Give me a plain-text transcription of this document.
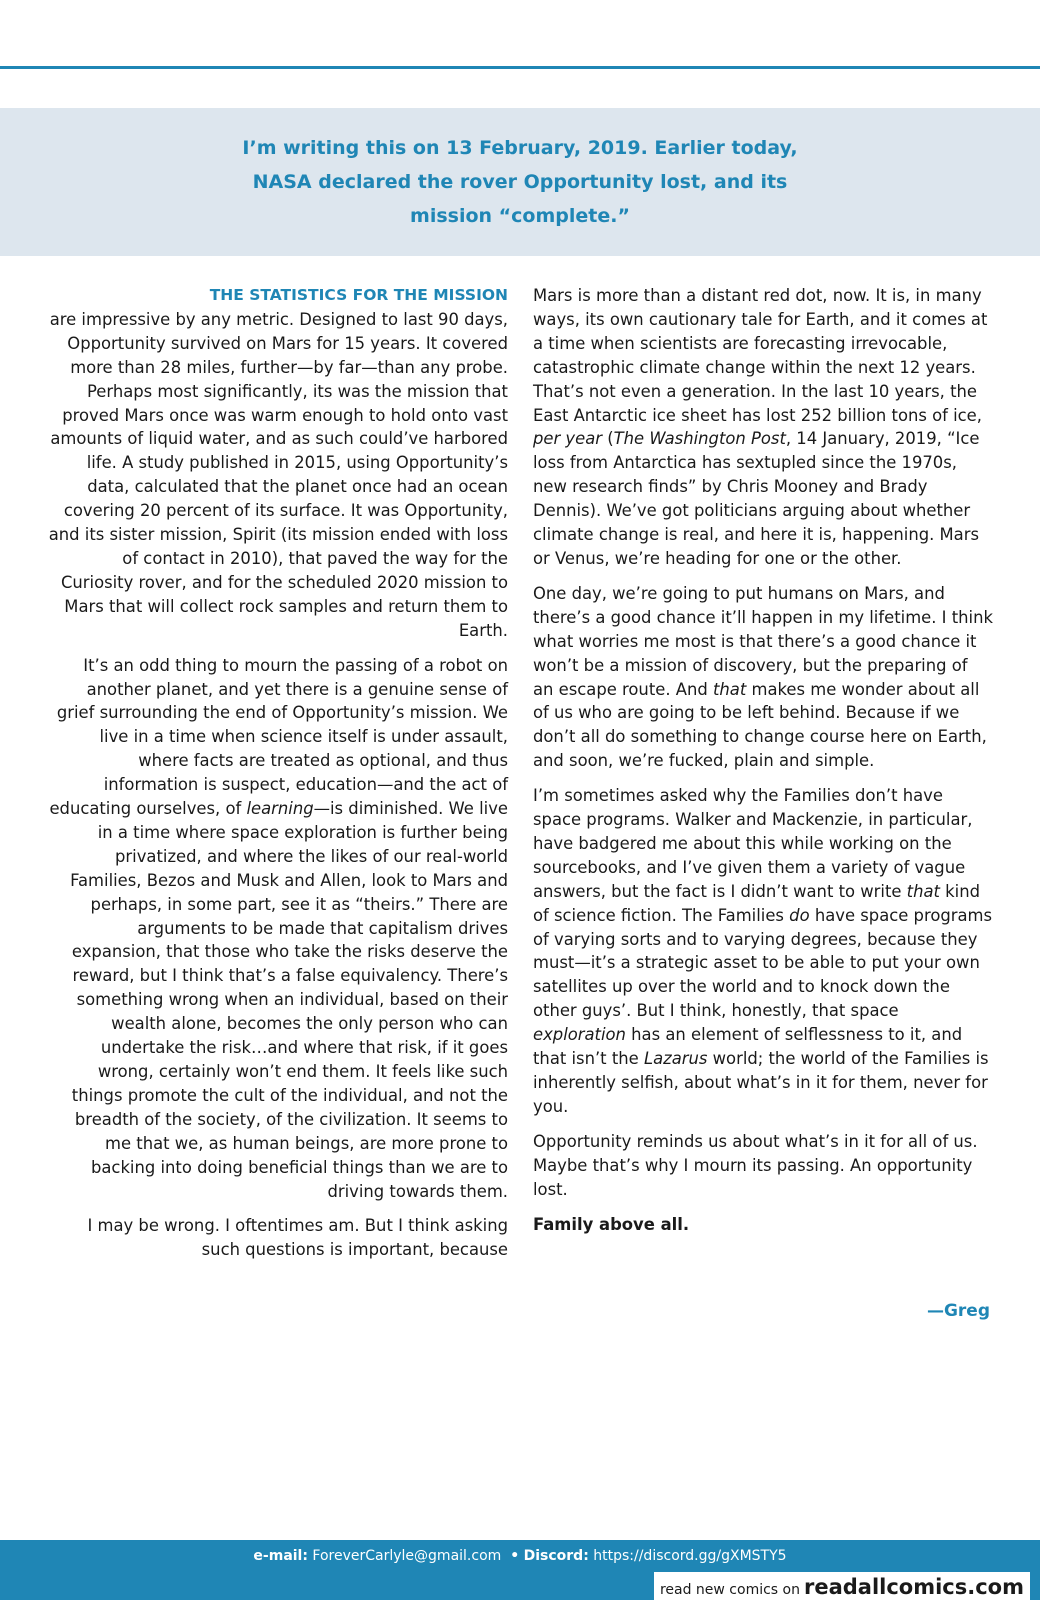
I’m writing this on 13 February, 2019. Earlier today, NASA declared the rover Opportunity lost, and its mission “complete.”

THE STATISTICS FOR THE MISSION
are impressive by any metric. Designed to last 90 days, Opportunity survived on Mars for 15 years. It covered more than 28 miles, further—by far—than any probe. Perhaps most significantly, its was the mission that proved Mars once was warm enough to hold onto vast amounts of liquid water, and as such could’ve harbored life. A study published in 2015, using Opportunity’s data, calculated that the planet once had an ocean covering 20 percent of its surface. It was Opportunity, and its sister mission, Spirit (its mission ended with loss of contact in 2010), that paved the way for the Curiosity rover, and for the scheduled 2020 mission to Mars that will collect rock samples and return them to Earth.

It’s an odd thing to mourn the passing of a robot on another planet, and yet there is a genuine sense of grief surrounding the end of Opportunity’s mission. We live in a time when science itself is under assault, where facts are treated as optional, and thus information is suspect, education—and the act of educating ourselves, of learning—is diminished. We live in a time where space exploration is further being privatized, and where the likes of our real-world Families, Bezos and Musk and Allen, look to Mars and perhaps, in some part, see it as “theirs.” There are arguments to be made that capitalism drives expansion, that those who take the risks deserve the reward, but I think that’s a false equivalency. There’s something wrong when an individual, based on their wealth alone, becomes the only person who can undertake the risk…and where that risk, if it goes wrong, certainly won’t end them. It feels like such things promote the cult of the individual, and not the breadth of the society, of the civilization. It seems to me that we, as human beings, are more prone to backing into doing beneficial things than we are to driving towards them.

I may be wrong. I oftentimes am. But I think asking such questions is important, because

Mars is more than a distant red dot, now. It is, in many ways, its own cautionary tale for Earth, and it comes at a time when scientists are forecasting irrevocable, catastrophic climate change within the next 12 years. That’s not even a generation. In the last 10 years, the East Antarctic ice sheet has lost 252 billion tons of ice, per year (The Washington Post, 14 January, 2019, “Ice loss from Antarctica has sextupled since the 1970s, new research finds” by Chris Mooney and Brady Dennis). We’ve got politicians arguing about whether climate change is real, and here it is, happening. Mars or Venus, we’re heading for one or the other.

One day, we’re going to put humans on Mars, and there’s a good chance it’ll happen in my lifetime. I think what worries me most is that there’s a good chance it won’t be a mission of discovery, but the preparing of an escape route. And that makes me wonder about all of us who are going to be left behind. Because if we don’t all do something to change course here on Earth, and soon, we’re fucked, plain and simple.

I’m sometimes asked why the Families don’t have space programs. Walker and Mackenzie, in particular, have badgered me about this while working on the sourcebooks, and I’ve given them a variety of vague answers, but the fact is I didn’t want to write that kind of science fiction. The Families do have space programs of varying sorts and to varying degrees, because they must—it’s a strategic asset to be able to put your own satellites up over the world and to knock down the other guys’. But I think, honestly, that space exploration has an element of selflessness to it, and that isn’t the Lazarus world; the world of the Families is inherently selfish, about what’s in it for them, never for you.

Opportunity reminds us about what’s in it for all of us. Maybe that’s why I mourn its passing. An opportunity lost.

Family above all.

—Greg
e-mail: ForeverCarlyle@gmail.com • Discord: https://discord.gg/gXMSTY5
read new comics on readallcomics.com
